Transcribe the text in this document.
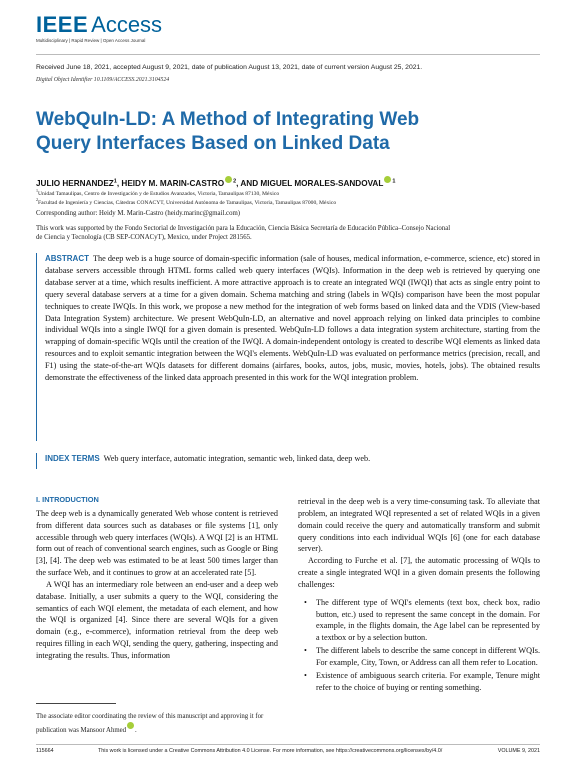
IEEE Access
Multidisciplinary | Rapid Review | Open Access Journal
Received June 18, 2021, accepted August 9, 2021, date of publication August 13, 2021, date of current version August 25, 2021.
Digital Object Identifier 10.1109/ACCESS.2021.3104524
WebQuIn-LD: A Method of Integrating Web
Query Interfaces Based on Linked Data
JULIO HERNANDEZ$^1$, HEIDY M. MARIN-CASTRO $^2$, AND MIGUEL MORALES-SANDOVAL $^1$
$^1$Unidad Tamaulipas, Centro de Investigación y de Estudios Avanzados, Victoria, Tamaulipas 87130, México
$^2$Facultad de Ingeniería y Ciencias, Cátedras CONACYT, Universidad Autónoma de Tamaulipas, Victoria, Tamaulipas 87000, México
Corresponding author: Heidy M. Marin-Castro (heidy.marinc@gmail.com)
This work was supported by the Fondo Sectorial de Investigación para la Educación, Ciencia Básica Secretaría de Educación Pública–Consejo Nacional de Ciencia y Tecnología (CB SEP-CONACyT), Mexico, under Project 281565.

ABSTRACT The deep web is a huge source of domain-specific information (sale of houses, medical information, e-commerce, science, etc) stored in database servers accessible through HTML forms called web query interfaces (WQIs). Information in the deep web is retrieved by querying one database server at a time, which results inefficient. A more attractive approach is to create an integrated WQI (IWQI) that acts as single entry point to query several database servers at a time for a given domain. Schema matching and string (labels in WQIs) comparison have been the most popular techniques to create IWQIs. In this work, we propose a new method for the integration of web forms based on linked data and the VDIS (View-based Data Integration System) architecture. We present WebQuIn-LD, an alternative and novel approach relying on linked data principles to combine individual WQIs into a single IWQI for a given domain is presented. WebQuIn-LD follows a data integration system architecture, starting from the wrapping of domain-specific WQIs until the creation of the IWQI. A domain-independent ontology is created to describe WQI elements as linked data resources and to exploit semantic integration between the WQI's elements. WebQuIn-LD was evaluated on performance metrics (precision, recall, and F1) using the state-of-the-art WQIs datasets for different domains (airfares, books, autos, jobs, music, movies, hotels, jobs). The obtained results demonstrate the effectiveness of the linked data approach presented in this work for the WQI integration problem.

INDEX TERMS Web query interface, automatic integration, semantic web, linked data, deep web.

I. INTRODUCTION

The deep web is a dynamically generated Web whose content is retrieved from different data sources such as databases or file systems [1], only accessible through web query interfaces (WQIs). A WQI [2] is an HTML form out of reach of conventional search engines, such as Google or Bing [3], [4]. The deep web was estimated to be at least 500 times larger than the surface Web, and it continues to grow at an accelerated rate [5].

A WQI has an intermediary role between an end-user and a deep web database. Initially, a user submits a query to the WQI, considering the semantics of each WQI element, the metadata of each element, and how the WQI is organized [4]. Since there are several WQIs for a given domain (e.g., e-commerce), information retrieval from the deep web requires filling in each WQI, sending the query, gathering, inspecting and integrating the results. Thus, information

retrieval in the deep web is a very time-consuming task. To alleviate that problem, an integrated WQI represented a set of related WQIs in a given domain could receive the query and automatically transform and submit query conditions into each individual WQIs [6] (one for each database server).

According to Furche et al. [7], the automatic processing of WQIs to create a single integrated WQI in a given domain presents the following challenges:

• The different type of WQI's elements (text box, check box, radio button, etc.) used to represent the same concept in the domain. For example, in the flights domain, the Age label can be represented by a textbox or by a selection button.
• The different labels to describe the same concept in different WQIs. For example, City, Town, or Address can all them refer to Location.
• Existence of ambiguous search criteria. For example, Tenure might refer to the choice of buying or renting something.
The associate editor coordinating the review of this manuscript and approving it for publication was Mansoor Ahmed .
115664	This work is licensed under a Creative Commons Attribution 4.0 License. For more information, see https://creativecommons.org/licenses/by/4.0/	VOLUME 9, 2021
